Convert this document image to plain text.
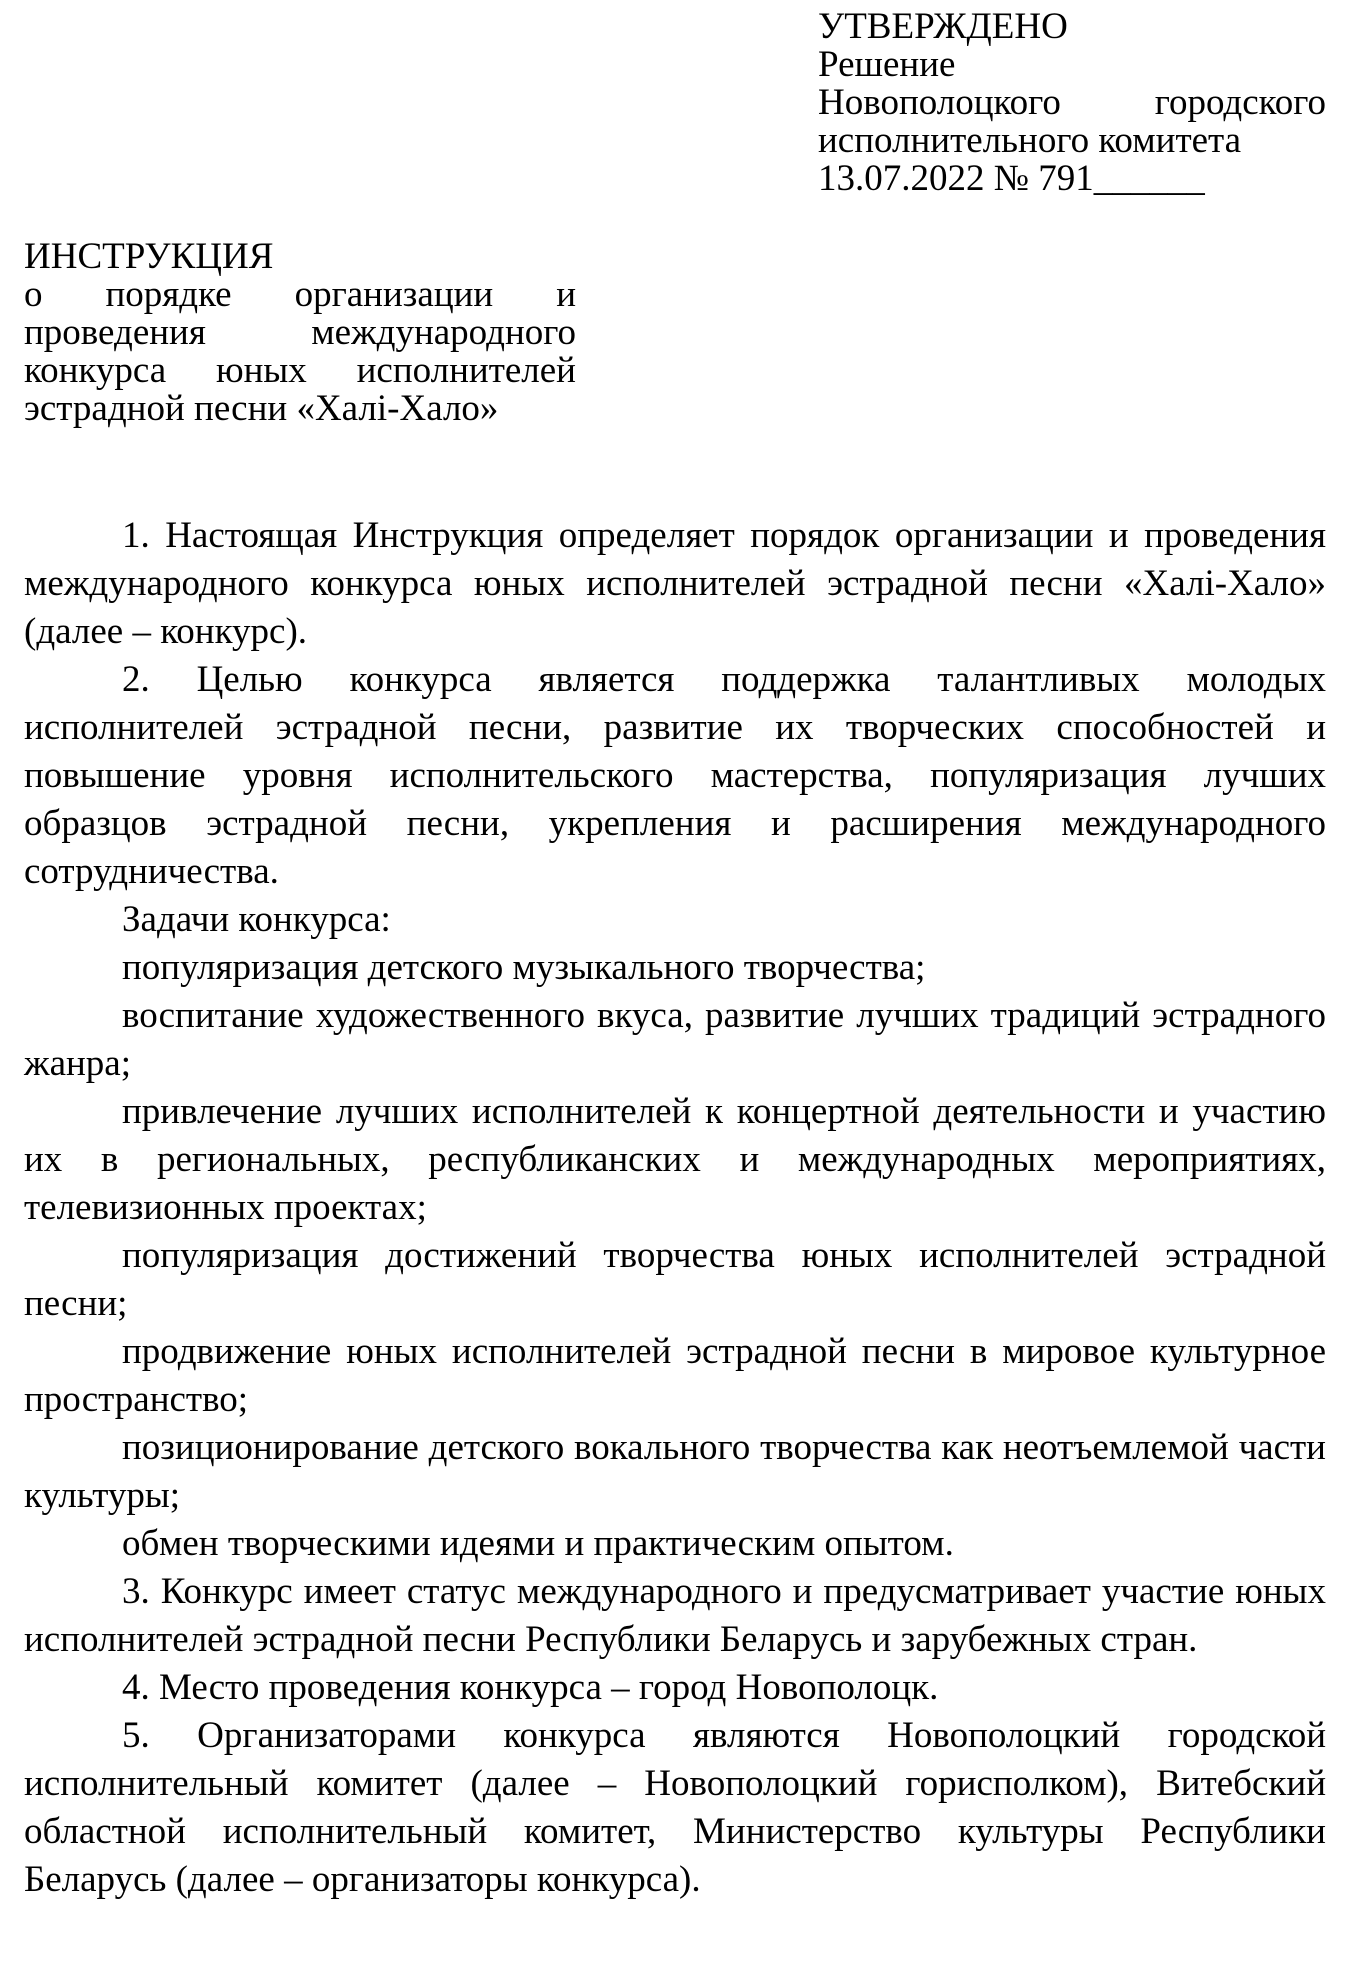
УТВЕРЖДЕНО
Решение
Новополоцкого городского
исполнительного комитета
13.07.2022 № 791______
ИНСТРУКЦИЯ
о порядке организации и проведения международного конкурса юных исполнителей эстрадной песни «Халі-Хало»

1. Настоящая Инструкция определяет порядок организации и проведения международного конкурса юных исполнителей эстрадной песни «Халі-Хало» (далее – конкурс).

2. Целью конкурса является поддержка талантливых молодых исполнителей эстрадной песни, развитие их творческих способностей и повышение уровня исполнительского мастерства, популяризация лучших образцов эстрадной песни, укрепления и расширения международного сотрудничества.

Задачи конкурса:

популяризация детского музыкального творчества;

воспитание художественного вкуса, развитие лучших традиций эстрадного жанра;

привлечение лучших исполнителей к концертной деятельности и участию их в региональных, республиканских и международных мероприятиях, телевизионных проектах;

популяризация достижений творчества юных исполнителей эстрадной песни;

продвижение юных исполнителей эстрадной песни в мировое культурное пространство;

позиционирование детского вокального творчества как неотъемлемой части культуры;

обмен творческими идеями и практическим опытом.

3. Конкурс имеет статус международного и предусматривает участие юных исполнителей эстрадной песни Республики Беларусь и зарубежных стран.

4. Место проведения конкурса – город Новополоцк.

5. Организаторами конкурса являются Новополоцкий городской исполнительный комитет (далее – Новополоцкий горисполком), Витебский областной исполнительный комитет, Министерство культуры Республики Беларусь (далее – организаторы конкурса).
